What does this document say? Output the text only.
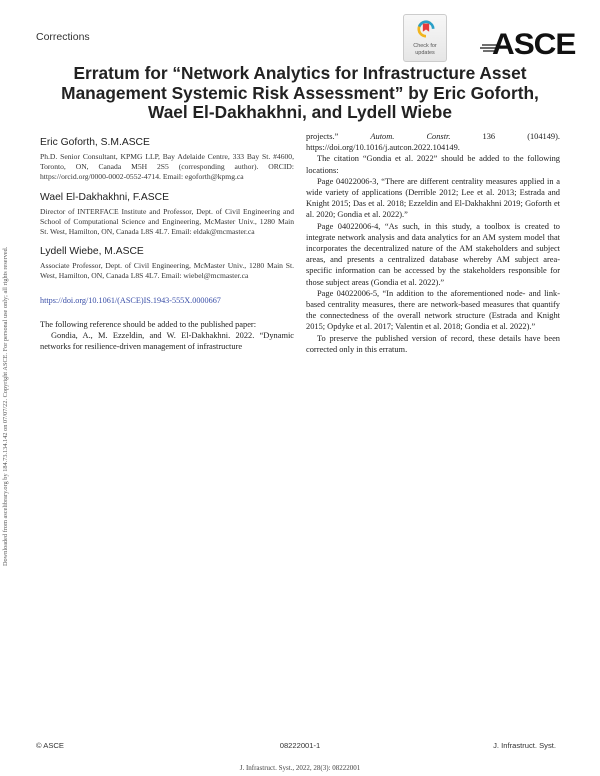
Downloaded from ascelibrary.org by 184.73.134.142 on 07/07/22. Copyright ASCE. For personal use only; all rights reserved.
Corrections
Check for
updates	ASCE
Erratum for “Network Analytics for Infrastructure Asset
Management Systemic Risk Assessment” by Eric Goforth,
Wael El-Dakhakhni, and Lydell Wiebe
Eric Goforth, S.M.ASCE
Ph.D. Senior Consultant, KPMG LLP, Bay Adelaide Centre, 333 Bay St. #4600, Toronto, ON, Canada M5H 2S5 (corresponding author). ORCID: https://orcid.org/0000-0002-0552-4714. Email: egoforth@kpmg.ca
Wael El-Dakhakhni, F.ASCE
Director of INTERFACE Institute and Professor, Dept. of Civil Engineering and School of Computational Science and Engineering, McMaster Univ., 1280 Main St. West, Hamilton, ON, Canada L8S 4L7. Email: eldak@mcmaster.ca
Lydell Wiebe, M.ASCE
Associate Professor, Dept. of Civil Engineering, McMaster Univ., 1280 Main St. West, Hamilton, ON, Canada L8S 4L7. Email: wiebel@mcmaster.ca
https://doi.org/10.1061/(ASCE)IS.1943-555X.0000667

The following reference should be added to the published paper:

Gondia, A., M. Ezzeldin, and W. El-Dakhakhni. 2022. “Dynamic networks for resilience-driven management of infrastructure

projects.” Autom. Constr. 136 (104149). https://doi.org/10.1016/j.autcon.2022.104149.

The citation “Gondia et al. 2022” should be added to the following locations:

Page 04022006-3, “There are different centrality measures applied in a wide variety of applications (Derrible 2012; Lee et al. 2013; Estrada and Knight 2015; Das et al. 2018; Ezzeldin and El-Dakhakhni 2019; Goforth et al. 2020; Gondia et al. 2022).”

Page 04022006-4, “As such, in this study, a toolbox is created to integrate network analysis and data analytics for an AM system model that incorporates the decentralized nature of the AM stakeholders and subject areas, and presents a centralized database whereby AM subject area-specific information can be accessed by the stakeholders responsible for those subject areas (Gondia et al. 2022).”

Page 04022006-5, “In addition to the aforementioned node- and link-based centrality measures, there are network-based measures that quantify the connectedness of the overall network structure (Estrada and Knight 2015; Opdyke et al. 2017; Valentin et al. 2018; Gondia et al. 2022).”

To preserve the published version of record, these details have been corrected only in this erratum.

© ASCE	08222001-1	J. Infrastruct. Syst.
J. Infrastruct. Syst., 2022, 28(3): 08222001
